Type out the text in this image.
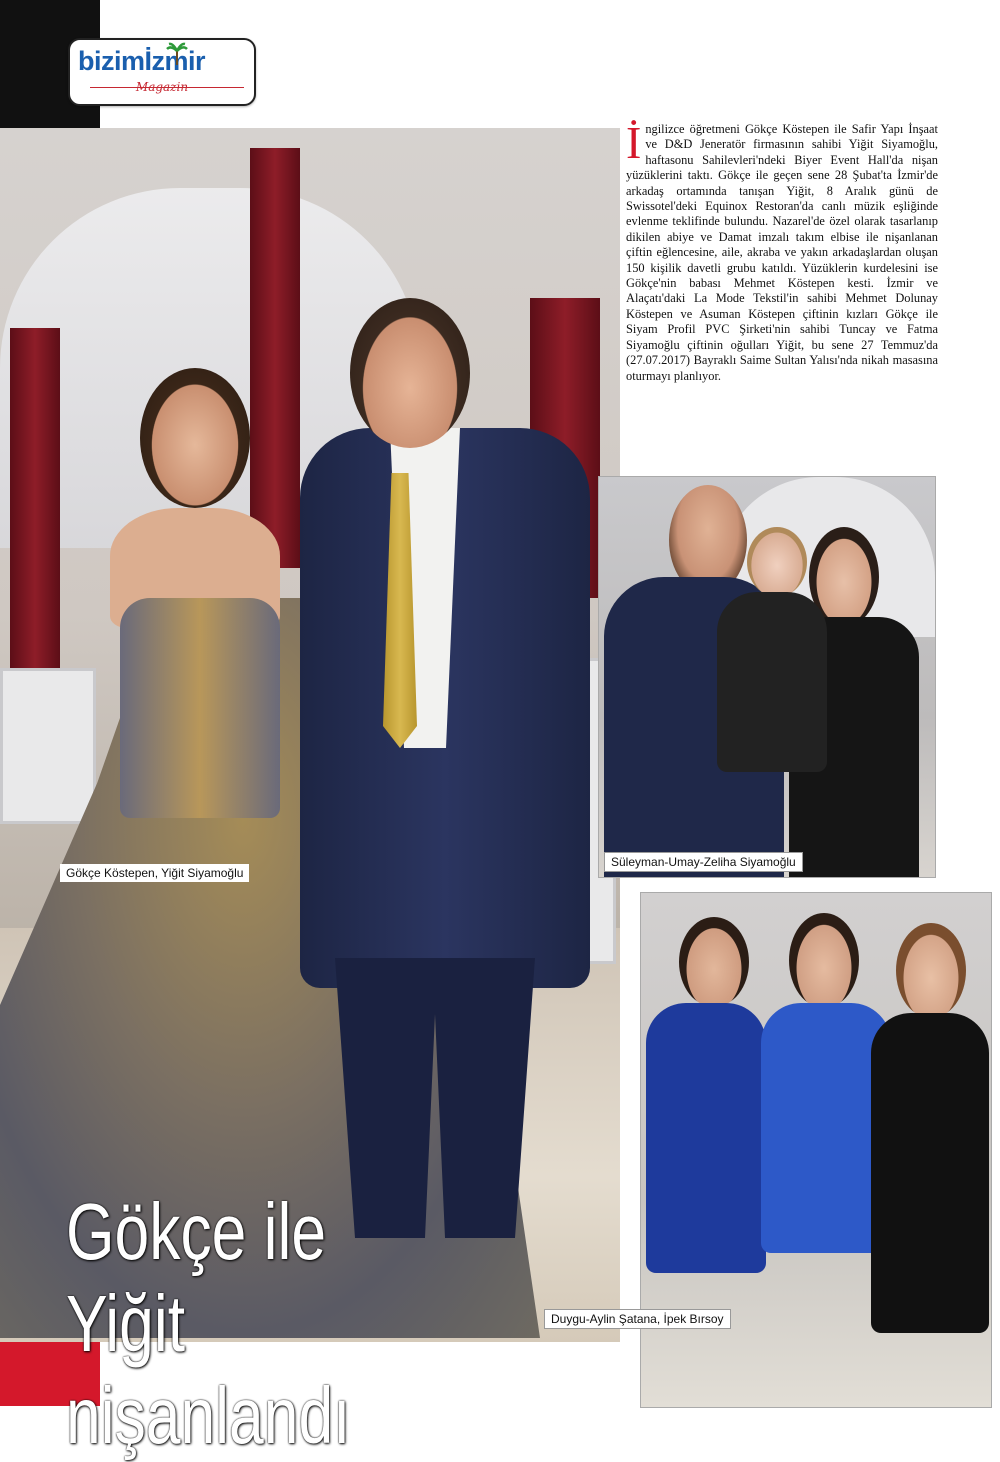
bizimİzmir
Magazin
Gökçe ile
Yiğit
nişanlandı
Gökçe Köstepen, Yiğit Siyamoğlu
İ ngilizce öğretmeni Gökçe Köstepen ile Safir Yapı İnşaat ve D&D Jeneratör firmasının sahibi Yiğit Siyamoğlu, haftasonu Sahilevleri'ndeki Biyer Event Hall'da nişan yüzüklerini taktı. Gökçe ile geçen sene 28 Şubat'ta İzmir'de arkadaş ortamında tanışan Yiğit, 8 Aralık günü de Swissotel'deki Equinox Restoran'da canlı müzik eşliğinde evlenme teklifinde bulundu. Nazarel'de özel olarak tasarlanıp dikilen abiye ve Damat imzalı takım elbise ile nişanlanan çiftin eğlencesine, aile, akraba ve yakın arkadaşlardan oluşan 150 kişilik davetli grubu katıldı. Yüzüklerin kurdelesini ise Gökçe'nin babası Mehmet Köstepen kesti. İzmir ve Alaçatı'daki La Mode Tekstil'in sahibi Mehmet Dolunay Köstepen ve Asuman Köstepen çiftinin kızları Gökçe ile Siyam Profil PVC Şirketi'nin sahibi Tuncay ve Fatma Siyamoğlu çiftinin oğulları Yiğit, bu sene 27 Temmuz'da (27.07.2017) Bayraklı Saime Sultan Yalısı'nda nikah masasına oturmayı planlıyor.
Süleyman-Umay-Zeliha Siyamoğlu
Duygu-Aylin Şatana, İpek Bırsoy
